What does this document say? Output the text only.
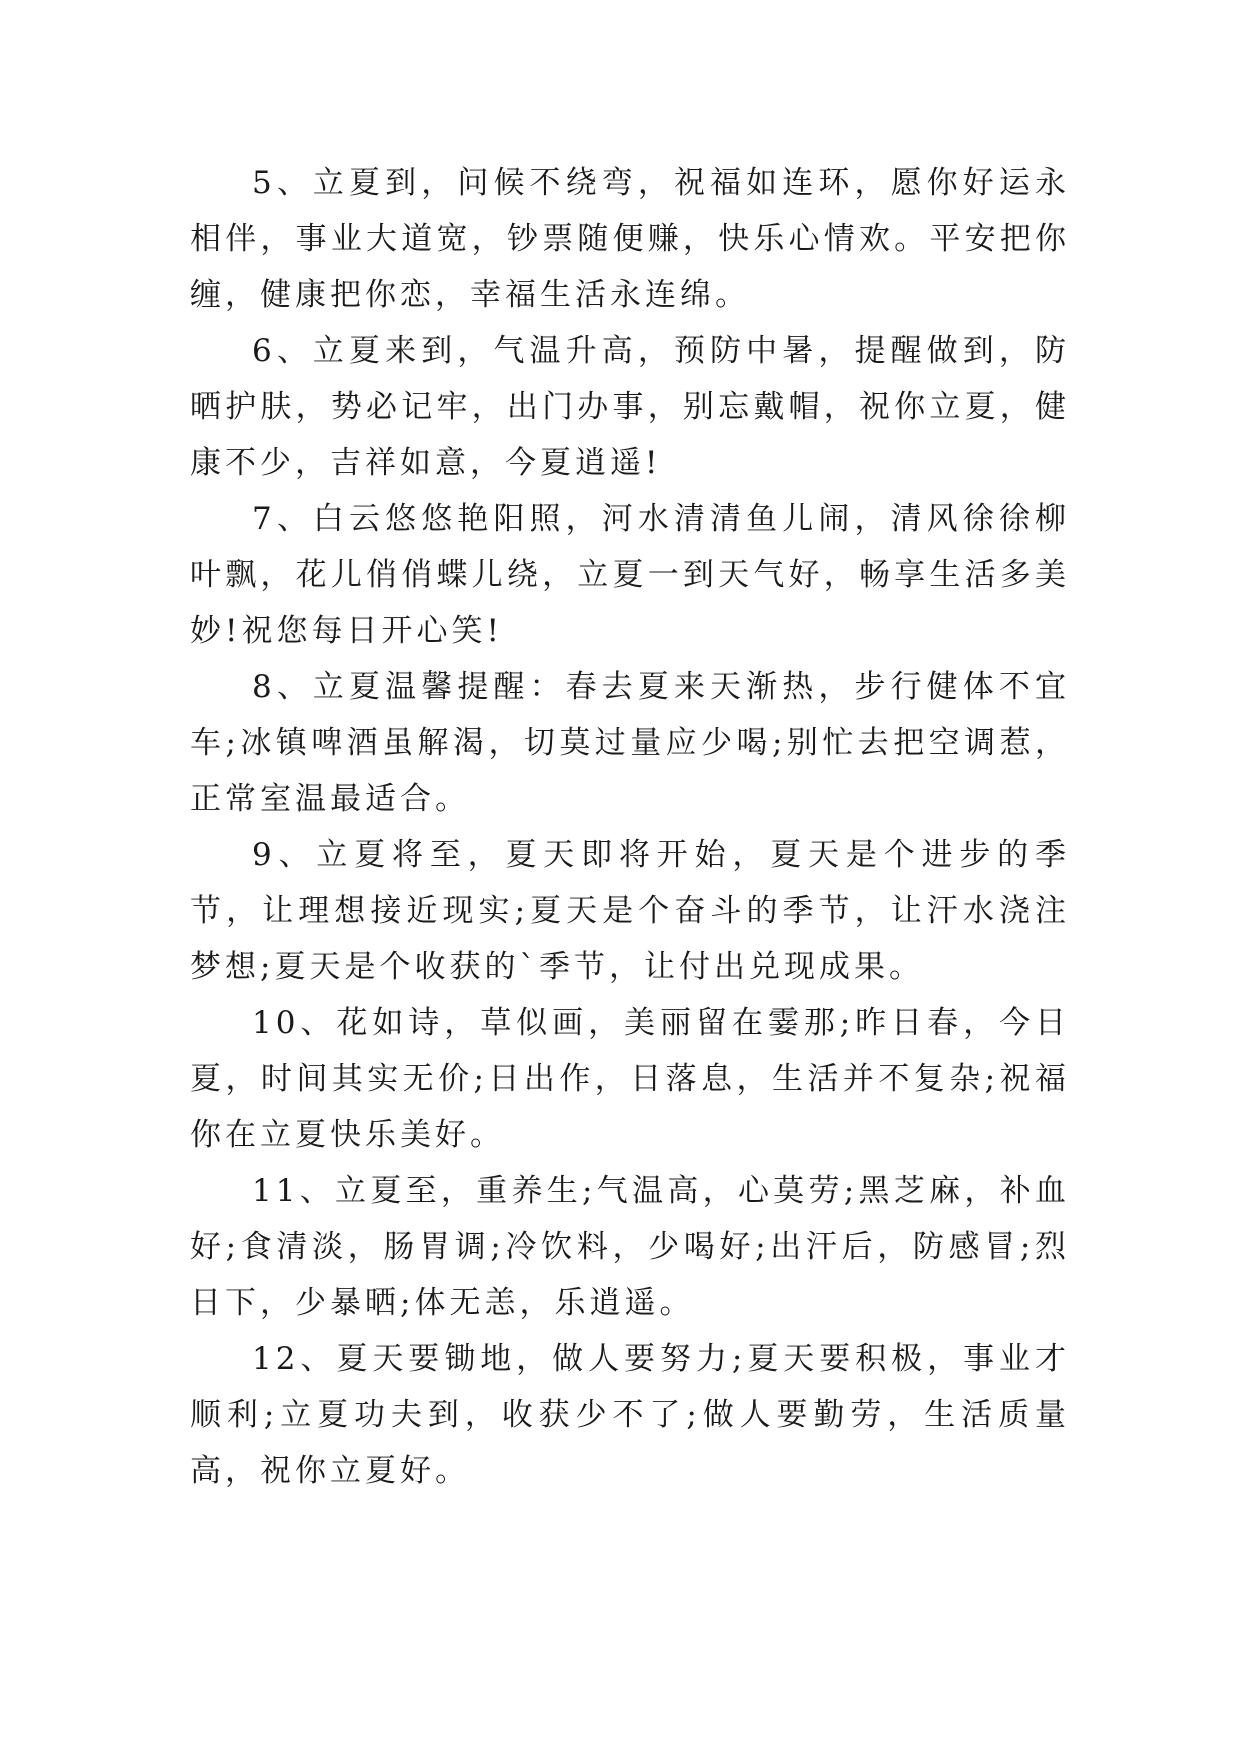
5、立夏到，问候不绕弯，祝福如连环，愿你好运永相伴，事业大道宽，钞票随便赚，快乐心情欢。平安把你缠，健康把你恋，幸福生活永连绵。

6、立夏来到，气温升高，预防中暑，提醒做到，防晒护肤，势必记牢，出门办事，别忘戴帽，祝你立夏，健康不少，吉祥如意，今夏逍遥!

7、白云悠悠艳阳照，河水清清鱼儿闹，清风徐徐柳叶飘，花儿俏俏蝶儿绕，立夏一到天气好，畅享生活多美妙!祝您每日开心笑!

8、立夏温馨提醒：春去夏来天渐热，步行健体不宜车;冰镇啤酒虽解渴，切莫过量应少喝;别忙去把空调惹，正常室温最适合。

9、立夏将至，夏天即将开始，夏天是个进步的季节，让理想接近现实;夏天是个奋斗的季节，让汗水浇注梦想;夏天是个收获的`季节，让付出兑现成果。

10、花如诗，草似画，美丽留在霎那;昨日春，今日夏，时间其实无价;日出作，日落息，生活并不复杂;祝福你在立夏快乐美好。

11、立夏至，重养生;气温高，心莫劳;黑芝麻，补血好;食清淡，肠胃调;冷饮料，少喝好;出汗后，防感冒;烈日下，少暴晒;体无恙，乐逍遥。

12、夏天要锄地，做人要努力;夏天要积极，事业才顺利;立夏功夫到，收获少不了;做人要勤劳，生活质量高，祝你立夏好。
